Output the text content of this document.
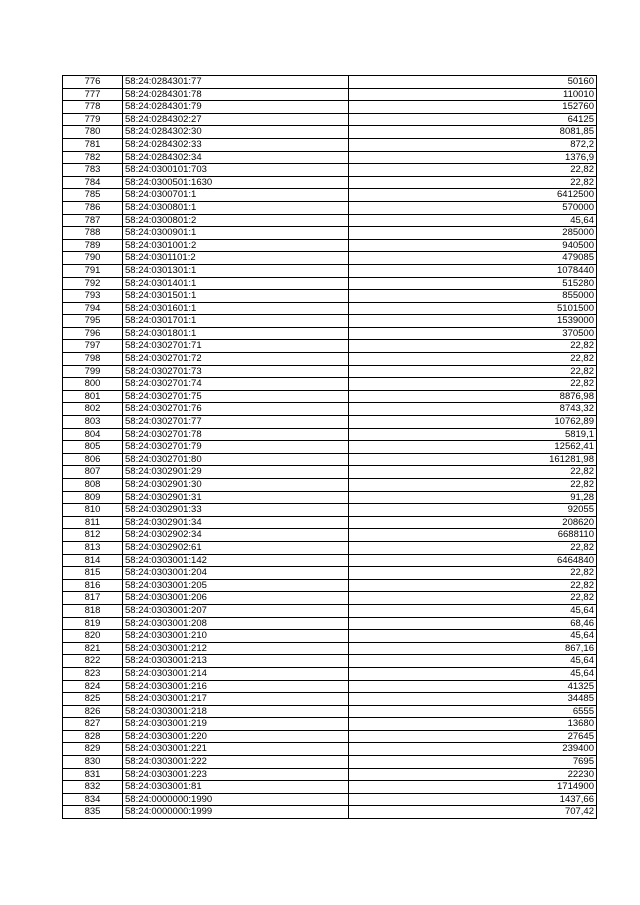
776	58:24:0284301:77	50160
777	58:24:0284301:78	110010
778	58:24:0284301:79	152760
779	58:24:0284302:27	64125
780	58:24:0284302:30	8081,85
781	58:24:0284302:33	872,2
782	58:24:0284302:34	1376,9
783	58:24:0300101:703	22,82
784	58:24:0300501:1630	22,82
785	58:24:0300701:1	6412500
786	58:24:0300801:1	570000
787	58:24:0300801:2	45,64
788	58:24:0300901:1	285000
789	58:24:0301001:2	940500
790	58:24:0301101:2	479085
791	58:24:0301301:1	1078440
792	58:24:0301401:1	515280
793	58:24:0301501:1	855000
794	58:24:0301601:1	5101500
795	58:24:0301701:1	1539000
796	58:24:0301801:1	370500
797	58:24:0302701:71	22,82
798	58:24:0302701:72	22,82
799	58:24:0302701:73	22,82
800	58:24:0302701:74	22,82
801	58:24:0302701:75	8876,98
802	58:24:0302701:76	8743,32
803	58:24:0302701:77	10762,89
804	58:24:0302701:78	5819,1
805	58:24:0302701:79	12562,41
806	58:24:0302701:80	161281,98
807	58:24:0302901:29	22,82
808	58:24:0302901:30	22,82
809	58:24:0302901:31	91,28
810	58:24:0302901:33	92055
811	58:24:0302901:34	208620
812	58:24:0302902:34	6688110
813	58:24:0302902:61	22,82
814	58:24:0303001:142	6464840
815	58:24:0303001:204	22,82
816	58:24:0303001:205	22,82
817	58:24:0303001:206	22,82
818	58:24:0303001:207	45,64
819	58:24:0303001:208	68,46
820	58:24:0303001:210	45,64
821	58:24:0303001:212	867,16
822	58:24:0303001:213	45,64
823	58:24:0303001:214	45,64
824	58:24:0303001:216	41325
825	58:24:0303001:217	34485
826	58:24:0303001:218	6555
827	58:24:0303001:219	13680
828	58:24:0303001:220	27645
829	58:24:0303001:221	239400
830	58:24:0303001:222	7695
831	58:24:0303001:223	22230
832	58:24:0303001:81	1714900
834	58:24:0000000:1990	1437,66
835	58:24:0000000:1999	707,42
